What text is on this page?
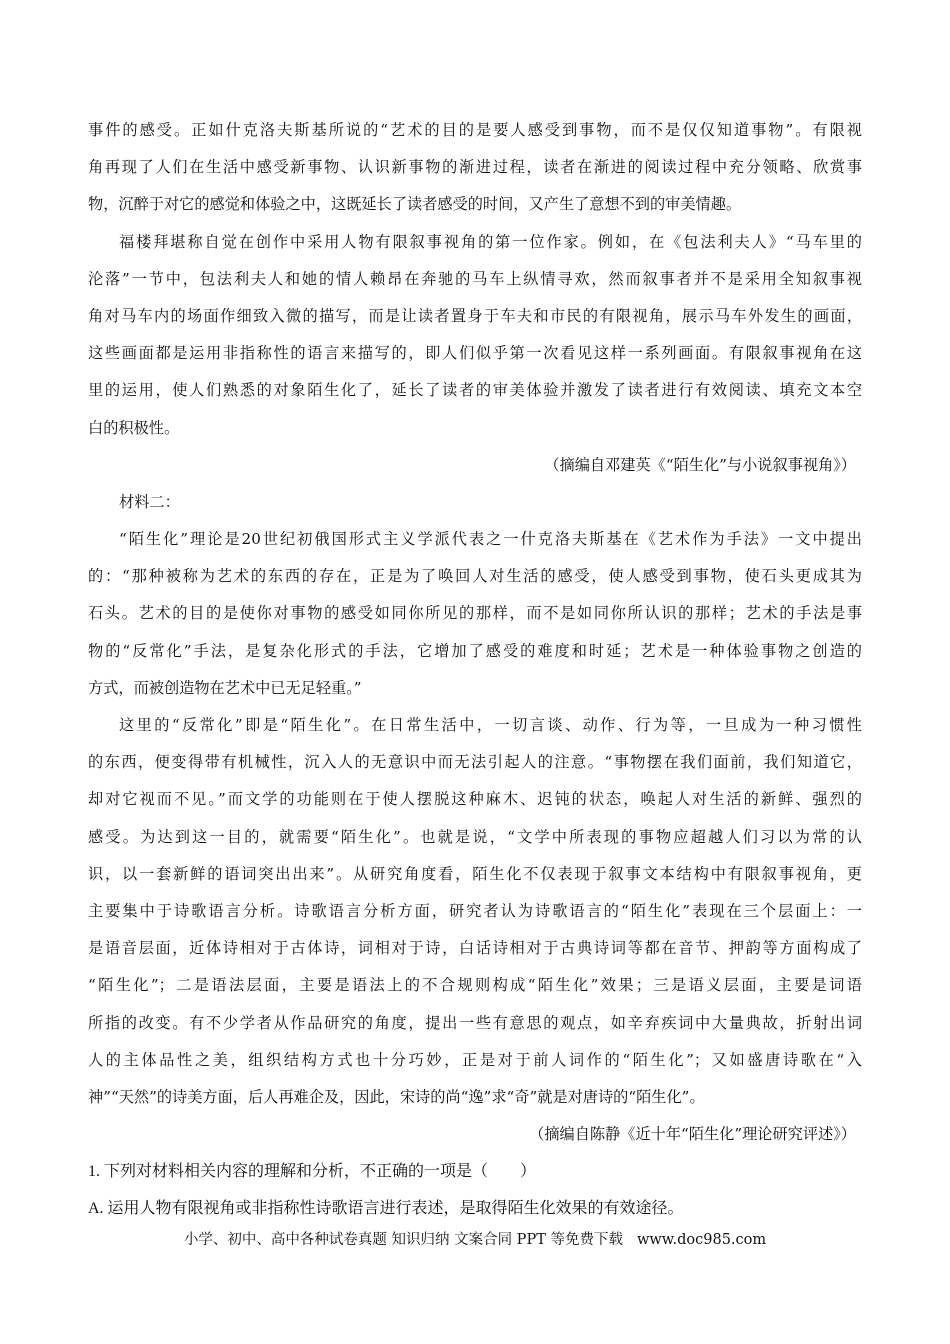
事件的感受。正如什克洛夫斯基所说的“艺术的目的是要人感受到事物，而不是仅仅知道事物”。有限视
角再现了人们在生活中感受新事物、认识新事物的渐进过程，读者在渐进的阅读过程中充分领略、欣赏事
物，沉醉于对它的感觉和体验之中，这既延长了读者感受的时间，又产生了意想不到的审美情趣。
福楼拜堪称自觉在创作中采用人物有限叙事视角的第一位作家。例如，在《包法利夫人》“马车里的
沦落”一节中，包法利夫人和她的情人赖昂在奔驰的马车上纵情寻欢，然而叙事者并不是采用全知叙事视
角对马车内的场面作细致入微的描写，而是让读者置身于车夫和市民的有限视角，展示马车外发生的画面，
这些画面都是运用非指称性的语言来描写的，即人们似乎第一次看见这样一系列画面。有限叙事视角在这
里的运用，使人们熟悉的对象陌生化了，延长了读者的审美体验并激发了读者进行有效阅读、填充文本空
白的积极性。
（摘编自邓建英《“陌生化”与小说叙事视角》）
材料二：
“陌生化”理论是20世纪初俄国形式主义学派代表之一什克洛夫斯基在《艺术作为手法》一文中提出
的：“那种被称为艺术的东西的存在，正是为了唤回人对生活的感受，使人感受到事物，使石头更成其为
石头。艺术的目的是使你对事物的感受如同你所见的那样，而不是如同你所认识的那样；艺术的手法是事
物的“反常化”手法，是复杂化形式的手法，它增加了感受的难度和时延；艺术是一种体验事物之创造的
方式，而被创造物在艺术中已无足轻重。”
这里的“反常化”即是“陌生化”。在日常生活中，一切言谈、动作、行为等，一旦成为一种习惯性
的东西，便变得带有机械性，沉入人的无意识中而无法引起人的注意。“事物摆在我们面前，我们知道它，
却对它视而不见。”而文学的功能则在于使人摆脱这种麻木、迟钝的状态，唤起人对生活的新鲜、强烈的
感受。为达到这一目的，就需要“陌生化”。也就是说，“文学中所表现的事物应超越人们习以为常的认
识，以一套新鲜的语词突出出来”。从研究角度看，陌生化不仅表现于叙事文本结构中有限叙事视角，更
主要集中于诗歌语言分析。诗歌语言分析方面，研究者认为诗歌语言的“陌生化”表现在三个层面上：一
是语音层面，近体诗相对于古体诗，词相对于诗，白话诗相对于古典诗词等都在音节、押韵等方面构成了
“陌生化”；二是语法层面，主要是语法上的不合规则构成“陌生化”效果；三是语义层面，主要是词语
所指的改变。有不少学者从作品研究的角度，提出一些有意思的观点，如辛弃疾词中大量典故，折射出词
人的主体品性之美，组织结构方式也十分巧妙，正是对于前人词作的“陌生化”；又如盛唐诗歌在“入
神”“天然”的诗美方面，后人再难企及，因此，宋诗的尚“逸”求“奇”就是对唐诗的“陌生化”。
（摘编自陈静《近十年“陌生化”理论研究评述》）
1. 下列对材料相关内容的理解和分析，不正确的一项是（　　）
A. 运用人物有限视角或非指称性诗歌语言进行表述，是取得陌生化效果的有效途径。
小学、初中、高中各种试卷真题 知识归纳 文案合同 PPT 等免费下载 www.doc985.com
